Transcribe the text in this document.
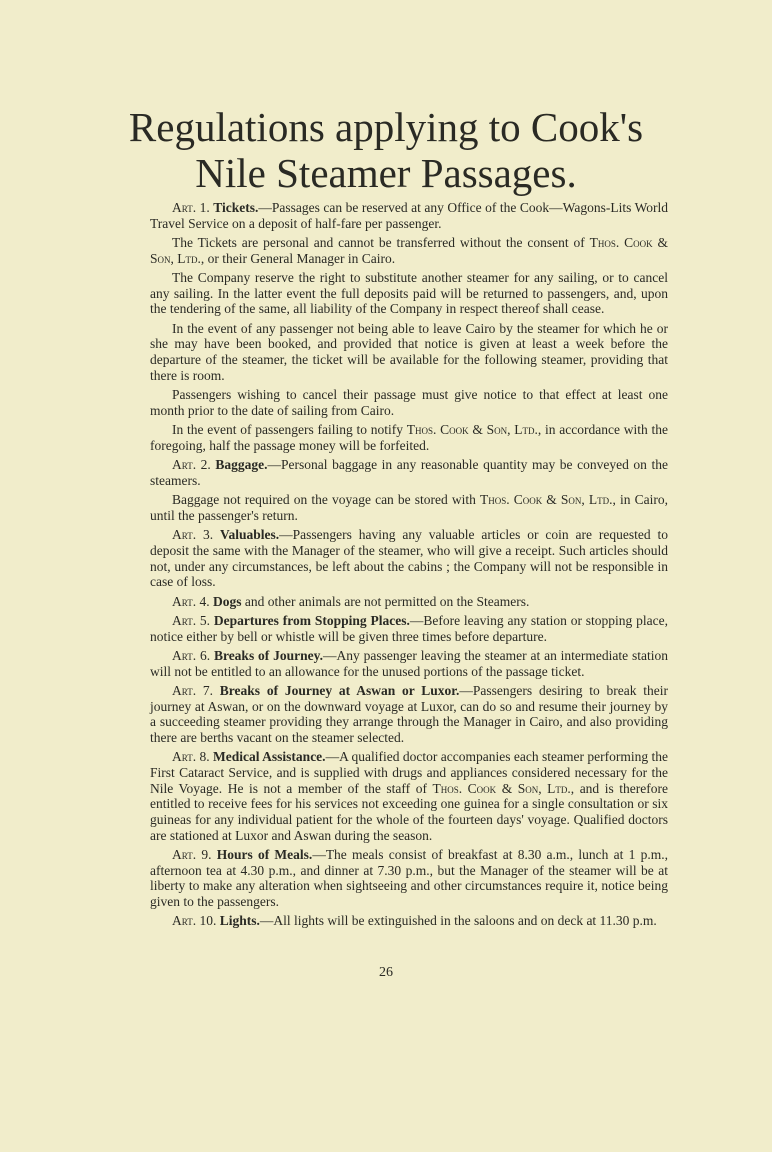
Regulations applying to Cook's
Nile Steamer Passages.

Art. 1. Tickets.—Passages can be reserved at any Office of the Cook—Wagons-Lits World Travel Service on a deposit of half-fare per passenger.

The Tickets are personal and cannot be transferred without the consent of Thos. Cook & Son, Ltd., or their General Manager in Cairo.

The Company reserve the right to substitute another steamer for any sailing, or to cancel any sailing. In the latter event the full deposits paid will be returned to passengers, and, upon the tendering of the same, all liability of the Company in respect thereof shall cease.

In the event of any passenger not being able to leave Cairo by the steamer for which he or she may have been booked, and provided that notice is given at least a week before the departure of the steamer, the ticket will be available for the following steamer, providing that there is room.

Passengers wishing to cancel their passage must give notice to that effect at least one month prior to the date of sailing from Cairo.

In the event of passengers failing to notify Thos. Cook & Son, Ltd., in accordance with the foregoing, half the passage money will be forfeited.

Art. 2. Baggage.—Personal baggage in any reasonable quantity may be conveyed on the steamers.

Baggage not required on the voyage can be stored with Thos. Cook & Son, Ltd., in Cairo, until the passenger's return.

Art. 3. Valuables.—Passengers having any valuable articles or coin are requested to deposit the same with the Manager of the steamer, who will give a receipt. Such articles should not, under any circumstances, be left about the cabins ; the Company will not be responsible in case of loss.

Art. 4. Dogs and other animals are not permitted on the Steamers.

Art. 5. Departures from Stopping Places.—Before leaving any station or stopping place, notice either by bell or whistle will be given three times before departure.

Art. 6. Breaks of Journey.—Any passenger leaving the steamer at an intermediate station will not be entitled to an allowance for the unused portions of the passage ticket.

Art. 7. Breaks of Journey at Aswan or Luxor.—Passengers desiring to break their journey at Aswan, or on the downward voyage at Luxor, can do so and resume their journey by a succeeding steamer providing they arrange through the Manager in Cairo, and also providing there are berths vacant on the steamer selected.

Art. 8. Medical Assistance.—A qualified doctor accompanies each steamer performing the First Cataract Service, and is supplied with drugs and appliances considered necessary for the Nile Voyage. He is not a member of the staff of Thos. Cook & Son, Ltd., and is therefore entitled to receive fees for his services not exceeding one guinea for a single consultation or six guineas for any individual patient for the whole of the fourteen days' voyage. Qualified doctors are stationed at Luxor and Aswan during the season.

Art. 9. Hours of Meals.—The meals consist of breakfast at 8.30 a.m., lunch at 1 p.m., afternoon tea at 4.30 p.m., and dinner at 7.30 p.m., but the Manager of the steamer will be at liberty to make any alteration when sightseeing and other circumstances require it, notice being given to the passengers.

Art. 10. Lights.—All lights will be extinguished in the saloons and on deck at 11.30 p.m.

26
